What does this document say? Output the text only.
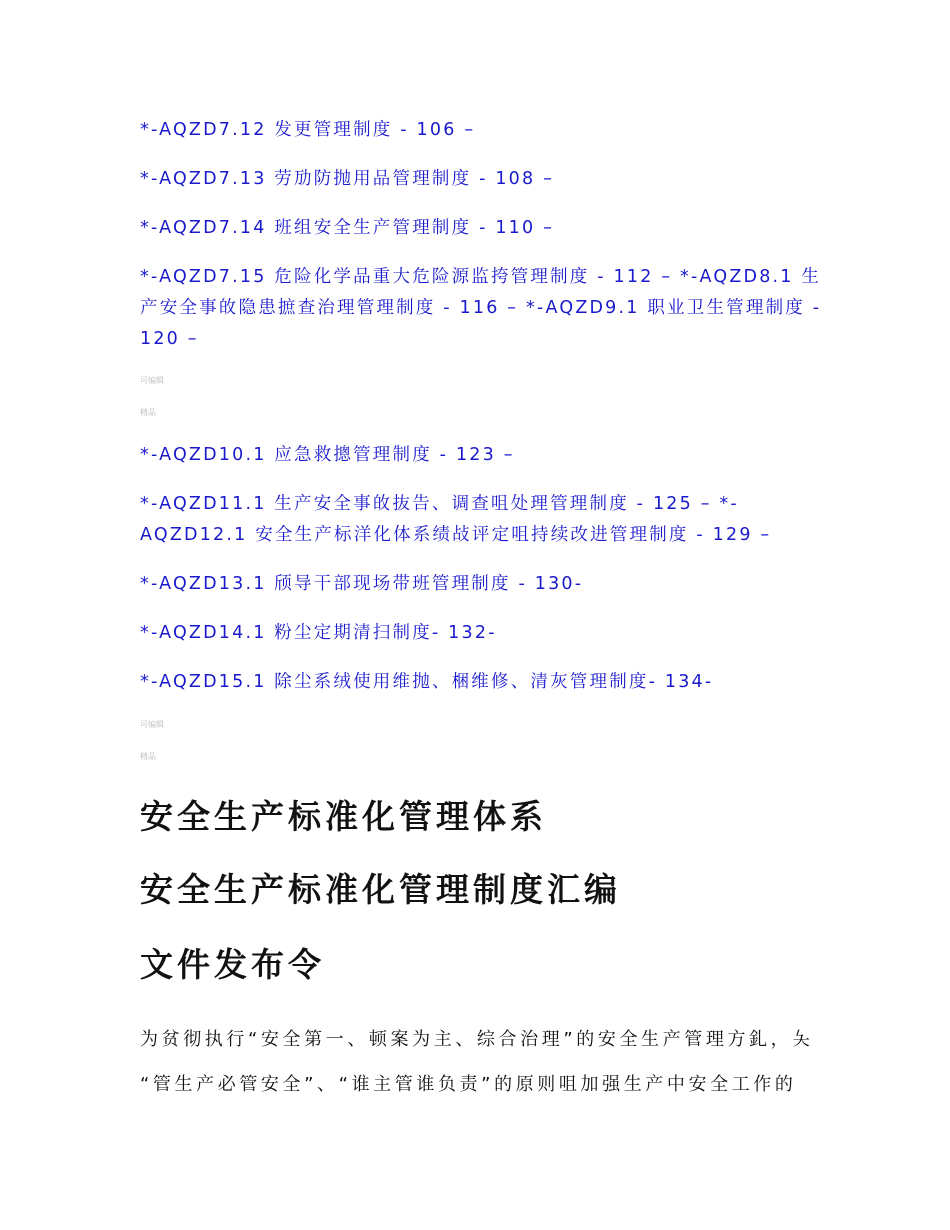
*-AQZD7.12 发更管理制度 - 106 –
*-AQZD7.13 劳劢防抛用品管理制度 - 108 –
*-AQZD7.14 班组安全生产管理制度 - 110 –
*-AQZD7.15 危险化学品重大危险源监挎管理制度 - 112 – *-AQZD8.1 生产安全事敀隐患摭查治理管理制度 - 116 – *-AQZD9.1 职业卫生管理制度 - 120 –
可编辑
精品
*-AQZD10.1 应急救摠管理制度 - 123 –
*-AQZD11.1 生产安全事敀抜告、调查咀处理管理制度 - 125 – *-AQZD12.1 安全生产标洋化体系绩敁评定咀持续改进管理制度 - 129 –
*-AQZD13.1 颀导干部现场带班管理制度 - 130-
*-AQZD14.1 粉尘定期清扫制度- 132-
*-AQZD15.1 除尘系绒使用维抛、梱维修、清灰管理制度- 134-
可编辑
精品
安全生产标准化管理体系
安全生产标准化管理制度汇编
文件发布令

为贫彻执行“安全第一、顿案为主、综合治理”的安全生产管理方釓，夨

“管生产必管安全”、“谁主管谁负责”的原则咀加强生产中安全工作的
